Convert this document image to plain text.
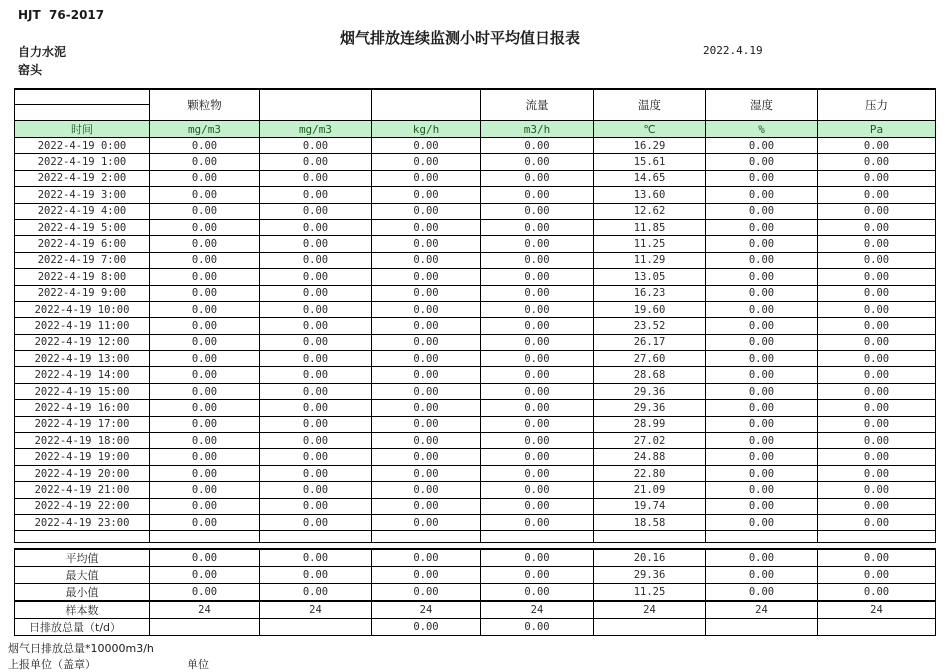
HJT  76-2017
烟气排放连续监测小时平均值日报表
自力水泥	2022.4.19
窑头
	颗粒物			流量	温度	湿度	压力

时间	mg/m3	mg/m3	kg/h	m3/h	℃	%	Pa
2022-4-19 0:00	0.00	0.00	0.00	0.00	16.29	0.00	0.00
2022-4-19 1:00	0.00	0.00	0.00	0.00	15.61	0.00	0.00
2022-4-19 2:00	0.00	0.00	0.00	0.00	14.65	0.00	0.00
2022-4-19 3:00	0.00	0.00	0.00	0.00	13.60	0.00	0.00
2022-4-19 4:00	0.00	0.00	0.00	0.00	12.62	0.00	0.00
2022-4-19 5:00	0.00	0.00	0.00	0.00	11.85	0.00	0.00
2022-4-19 6:00	0.00	0.00	0.00	0.00	11.25	0.00	0.00
2022-4-19 7:00	0.00	0.00	0.00	0.00	11.29	0.00	0.00
2022-4-19 8:00	0.00	0.00	0.00	0.00	13.05	0.00	0.00
2022-4-19 9:00	0.00	0.00	0.00	0.00	16.23	0.00	0.00
2022-4-19 10:00	0.00	0.00	0.00	0.00	19.60	0.00	0.00
2022-4-19 11:00	0.00	0.00	0.00	0.00	23.52	0.00	0.00
2022-4-19 12:00	0.00	0.00	0.00	0.00	26.17	0.00	0.00
2022-4-19 13:00	0.00	0.00	0.00	0.00	27.60	0.00	0.00
2022-4-19 14:00	0.00	0.00	0.00	0.00	28.68	0.00	0.00
2022-4-19 15:00	0.00	0.00	0.00	0.00	29.36	0.00	0.00
2022-4-19 16:00	0.00	0.00	0.00	0.00	29.36	0.00	0.00
2022-4-19 17:00	0.00	0.00	0.00	0.00	28.99	0.00	0.00
2022-4-19 18:00	0.00	0.00	0.00	0.00	27.02	0.00	0.00
2022-4-19 19:00	0.00	0.00	0.00	0.00	24.88	0.00	0.00
2022-4-19 20:00	0.00	0.00	0.00	0.00	22.80	0.00	0.00
2022-4-19 21:00	0.00	0.00	0.00	0.00	21.09	0.00	0.00
2022-4-19 22:00	0.00	0.00	0.00	0.00	19.74	0.00	0.00
2022-4-19 23:00	0.00	0.00	0.00	0.00	18.58	0.00	0.00

平均值	0.00	0.00	0.00	0.00	20.16	0.00	0.00
最大值	0.00	0.00	0.00	0.00	29.36	0.00	0.00
最小值	0.00	0.00	0.00	0.00	11.25	0.00	0.00
样本数	24	24	24	24	24	24	24
日排放总量（t/d）			0.00	0.00			
烟气日排放总量*10000m3/h
上报单位（盖章）	单位
